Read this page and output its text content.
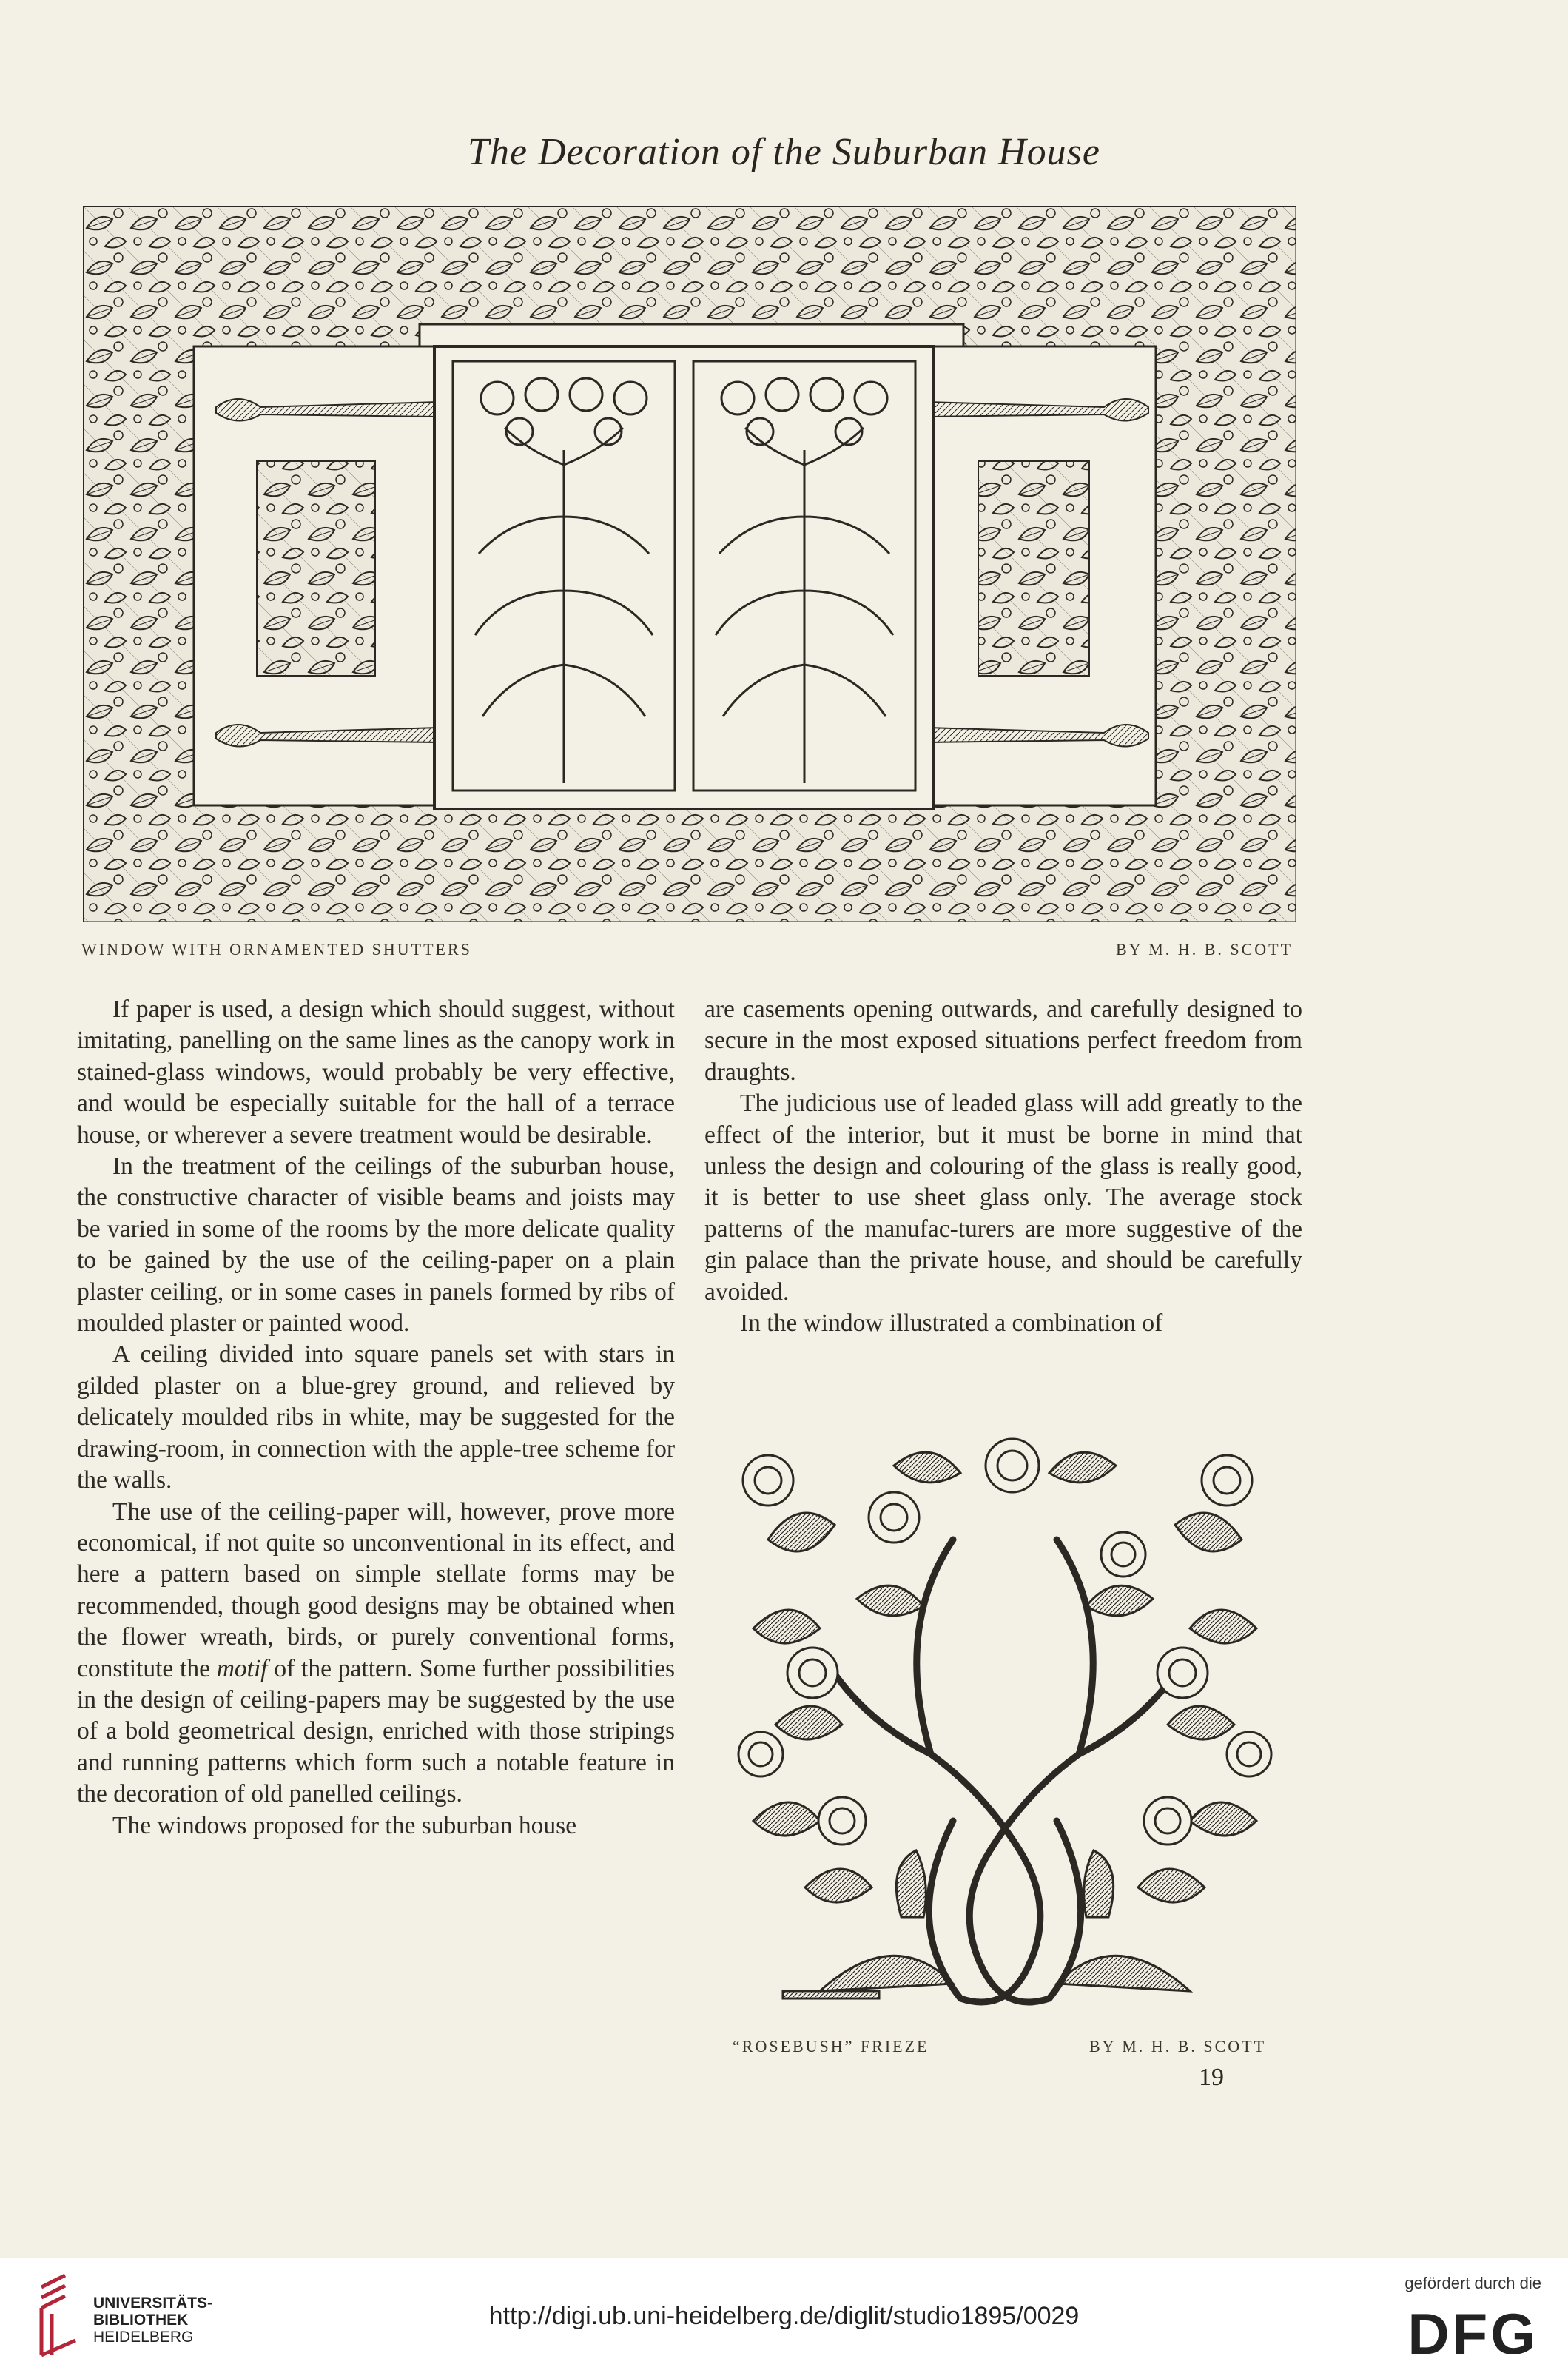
The Decoration of the Suburban House
WINDOW WITH ORNAMENTED SHUTTERS	BY M. H. B. SCOTT

If paper is used, a design which should suggest, without imitating, panelling on the same lines as the canopy work in stained-glass windows, would probably be very effective, and would be especially suitable for the hall of a terrace house, or wherever a severe treatment would be desirable.

In the treatment of the ceilings of the suburban house, the constructive character of visible beams and joists may be varied in some of the rooms by the more delicate quality to be gained by the use of the ceiling-paper on a plain plaster ceiling, or in some cases in panels formed by ribs of moulded plaster or painted wood.

A ceiling divided into square panels set with stars in gilded plaster on a blue-grey ground, and relieved by delicately moulded ribs in white, may be suggested for the drawing-room, in connection with the apple-tree scheme for the walls.

The use of the ceiling-paper will, however, prove more economical, if not quite so unconventional in its effect, and here a pattern based on simple stellate forms may be recommended, though good designs may be obtained when the flower wreath, birds, or purely conventional forms, constitute the motif of the pattern. Some further possibilities in the design of ceiling-papers may be suggested by the use of a bold geometrical design, enriched with those stripings and running patterns which form such a notable feature in the decoration of old panelled ceilings.

The windows proposed for the suburban house

are casements opening outwards, and carefully designed to secure in the most exposed situations perfect freedom from draughts.

The judicious use of leaded glass will add greatly to the effect of the interior, but it must be borne in mind that unless the design and colouring of the glass is really good, it is better to use sheet glass only. The average stock patterns of the manufac-turers are more suggestive of the gin palace than the private house, and should be carefully avoided.

In the window illustrated a combination of

“ROSEBUSH” FRIEZE	BY M. H. B. SCOTT
19
UNIVERSITÄTS-
BIBLIOTHEK
HEIDELBERG
http://digi.ub.uni-heidelberg.de/diglit/studio1895/0029
gefördert durch die
DFG
